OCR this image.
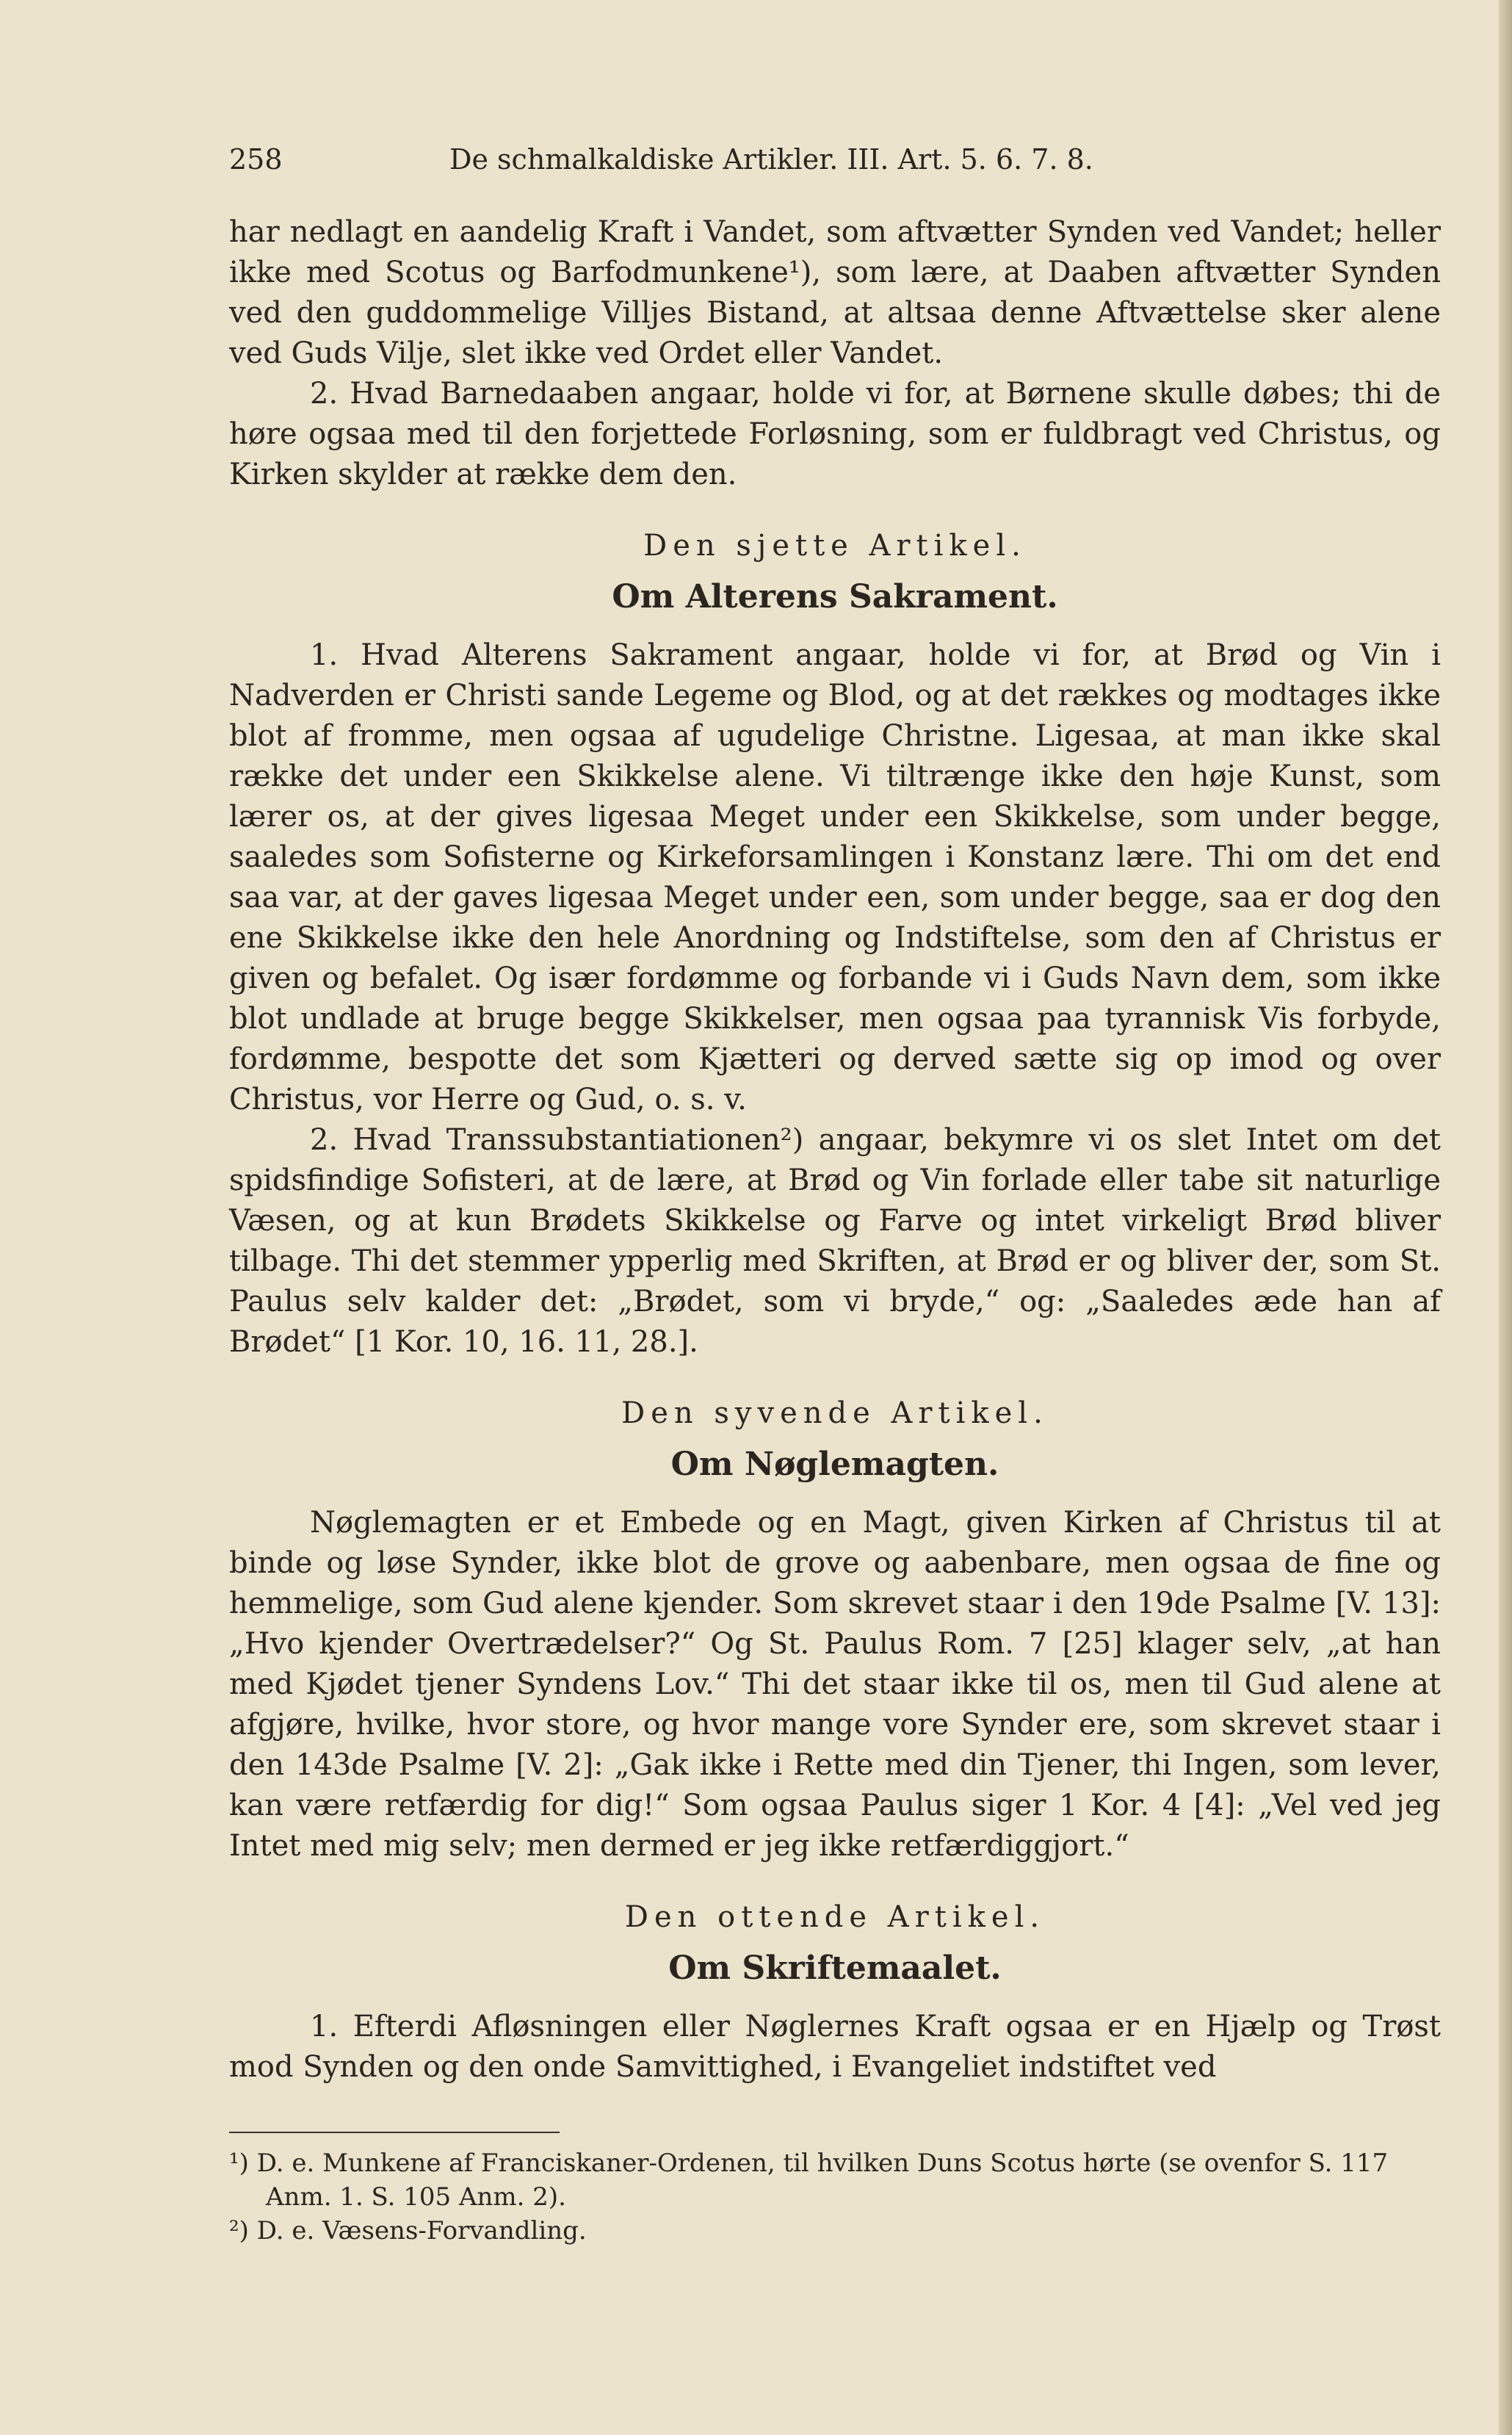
258	De schmalkaldiske Artikler. III. Art. 5. 6. 7. 8.

har nedlagt en aandelig Kraft i Vandet, som aftvætter Synden ved Vandet; heller ikke med Scotus og Barfodmunkene¹), som lære, at Daaben aftvætter Synden ved den guddommelige Villjes Bistand, at altsaa denne Aftvættelse sker alene ved Guds Vilje, slet ikke ved Ordet eller Vandet.

2. Hvad Barnedaaben angaar, holde vi for, at Børnene skulle døbes; thi de høre ogsaa med til den forjettede Forløsning, som er fuldbragt ved Christus, og Kirken skylder at række dem den.

Den sjette Artikel.
Om Alterens Sakrament.

1. Hvad Alterens Sakrament angaar, holde vi for, at Brød og Vin i Nadverden er Christi sande Legeme og Blod, og at det rækkes og modtages ikke blot af fromme, men ogsaa af ugudelige Christne. Ligesaa, at man ikke skal række det under een Skikkelse alene. Vi tiltrænge ikke den høje Kunst, som lærer os, at der gives ligesaa Meget under een Skikkelse, som under begge, saaledes som Sofisterne og Kirkeforsamlingen i Konstanz lære. Thi om det end saa var, at der gaves ligesaa Meget under een, som under begge, saa er dog den ene Skikkelse ikke den hele Anordning og Indstiftelse, som den af Christus er given og befalet. Og især fordømme og forbande vi i Guds Navn dem, som ikke blot undlade at bruge begge Skikkelser, men ogsaa paa tyrannisk Vis forbyde, fordømme, bespotte det som Kjætteri og derved sætte sig op imod og over Christus, vor Herre og Gud, o. s. v.

2. Hvad Transsubstantiationen²) angaar, bekymre vi os slet Intet om det spidsfindige Sofisteri, at de lære, at Brød og Vin forlade eller tabe sit naturlige Væsen, og at kun Brødets Skikkelse og Farve og intet virkeligt Brød bliver tilbage. Thi det stemmer ypperlig med Skriften, at Brød er og bliver der, som St. Paulus selv kalder det: „Brødet, som vi bryde,“ og: „Saaledes æde han af Brødet“ [1 Kor. 10, 16. 11, 28.].

Den syvende Artikel.
Om Nøglemagten.

Nøglemagten er et Embede og en Magt, given Kirken af Christus til at binde og løse Synder, ikke blot de grove og aabenbare, men ogsaa de fine og hemmelige, som Gud alene kjender. Som skrevet staar i den 19de Psalme [V. 13]: „Hvo kjender Overtrædelser?“ Og St. Paulus Rom. 7 [25] klager selv, „at han med Kjødet tjener Syndens Lov.“ Thi det staar ikke til os, men til Gud alene at afgjøre, hvilke, hvor store, og hvor mange vore Synder ere, som skrevet staar i den 143de Psalme [V. 2]: „Gak ikke i Rette med din Tjener, thi Ingen, som lever, kan være retfærdig for dig!“ Som ogsaa Paulus siger 1 Kor. 4 [4]: „Vel ved jeg Intet med mig selv; men dermed er jeg ikke retfærdiggjort.“

Den ottende Artikel.
Om Skriftemaalet.

1. Efterdi Afløsningen eller Nøglernes Kraft ogsaa er en Hjælp og Trøst mod Synden og den onde Samvittighed, i Evangeliet indstiftet ved

¹) D. e. Munkene af Franciskaner-Ordenen, til hvilken Duns Scotus hørte (se ovenfor S. 117 Anm. 1. S. 105 Anm. 2).
²) D. e. Væsens-Forvandling.
